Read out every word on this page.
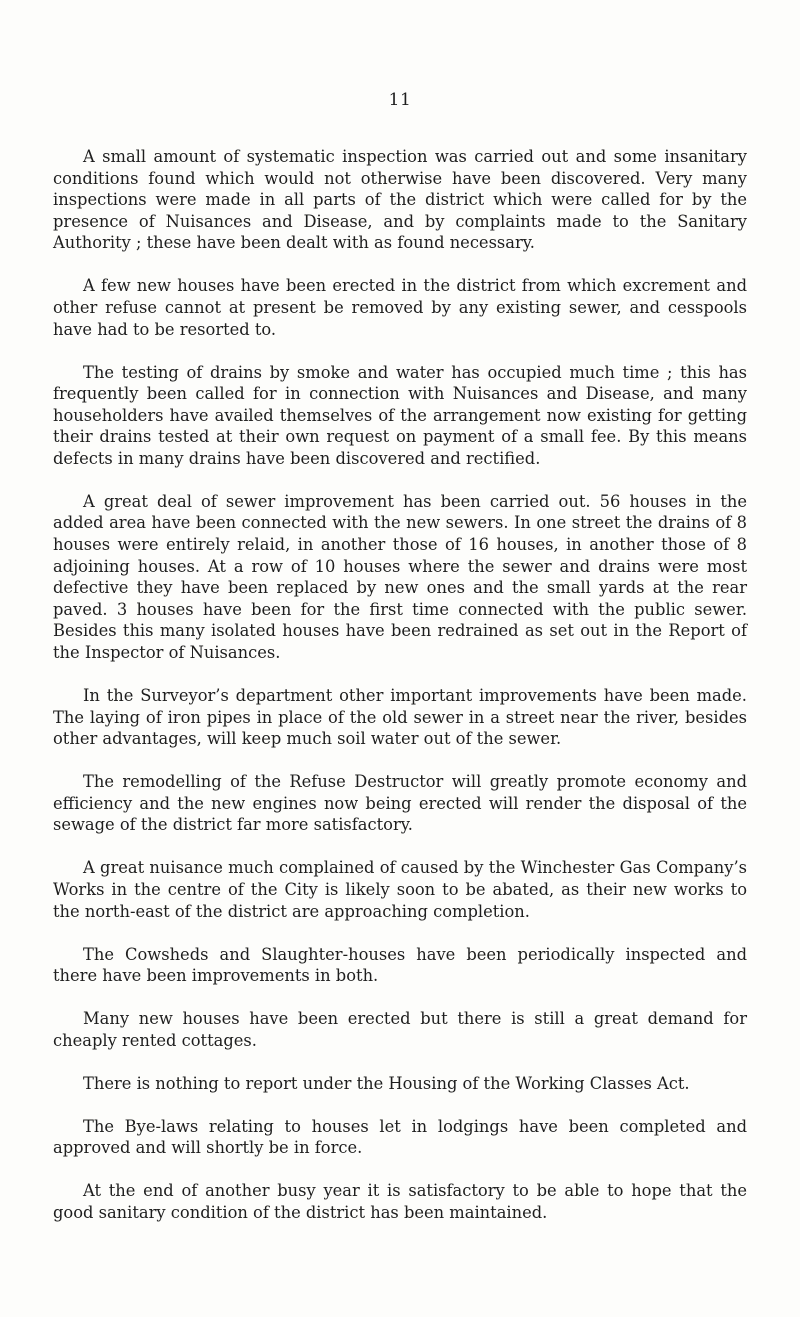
11

A small amount of systematic inspection was carried out and some insanitary conditions found which would not otherwise have been discovered. Very many inspections were made in all parts of the district which were called for by the presence of Nuisances and Disease, and by complaints made to the Sanitary Authority ; these have been dealt with as found necessary.

A few new houses have been erected in the district from which excrement and other refuse cannot at present be removed by any existing sewer, and cesspools have had to be resorted to.

The testing of drains by smoke and water has occupied much time ; this has frequently been called for in connection with Nuisances and Disease, and many householders have availed themselves of the arrangement now existing for getting their drains tested at their own request on payment of a small fee. By this means defects in many drains have been discovered and rectified.

A great deal of sewer improvement has been carried out. 56 houses in the added area have been connected with the new sewers. In one street the drains of 8 houses were entirely relaid, in another those of 16 houses, in another those of 8 adjoining houses. At a row of 10 houses where the sewer and drains were most defective they have been replaced by new ones and the small yards at the rear paved. 3 houses have been for the first time connected with the public sewer. Besides this many isolated houses have been redrained as set out in the Report of the Inspector of Nuisances.

In the Surveyor’s department other important improvements have been made. The laying of iron pipes in place of the old sewer in a street near the river, besides other advantages, will keep much soil water out of the sewer.

The remodelling of the Refuse Destructor will greatly promote economy and efficiency and the new engines now being erected will render the disposal of the sewage of the district far more satisfactory.

A great nuisance much complained of caused by the Winchester Gas Company’s Works in the centre of the City is likely soon to be abated, as their new works to the north-east of the district are approaching completion.

The Cowsheds and Slaughter-houses have been periodically inspected and there have been improvements in both.

Many new houses have been erected but there is still a great demand for cheaply rented cottages.

There is nothing to report under the Housing of the Working Classes Act.

The Bye-laws relating to houses let in lodgings have been completed and approved and will shortly be in force.

At the end of another busy year it is satisfactory to be able to hope that the good sanitary condition of the district has been maintained.
